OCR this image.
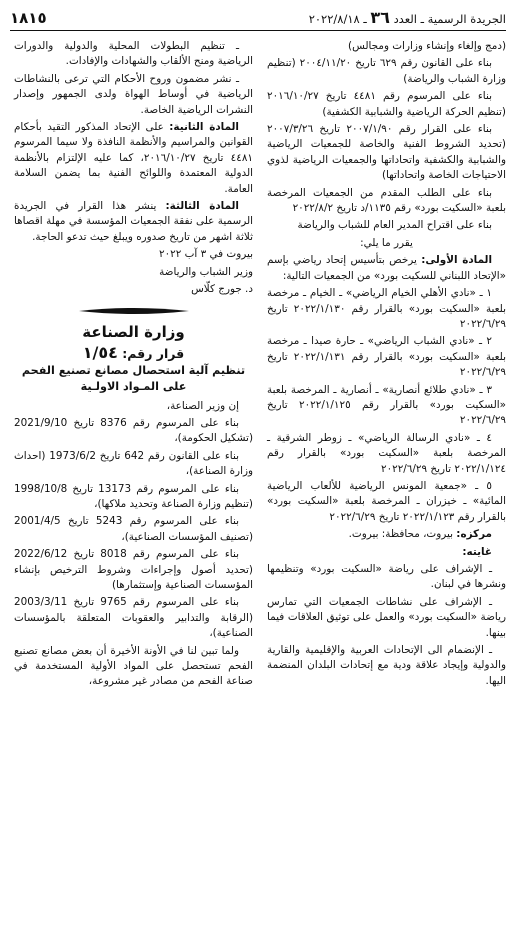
الجريدة الرسمية ـ العدد ٣٦ ـ ٢٠٢٢/٨/١٨
١٨١٥

(دمج وإلغاء وإنشاء وزارات ومجالس)

بناء على القانون رقم ٦٢٩ تاريخ ٢٠٠٤/١١/٢٠ (تنظيم وزارة الشباب والرياضة)

بناء على المرسوم رقم ٤٤٨١ تاريخ ٢٠١٦/١٠/٢٧ (تنظيم الحركة الرياضية والشبابية الكشفية)

بناء على القرار رقم ٢٠٠٧/١/٩٠ تاريخ ٢٠٠٧/٣/٢٦ (تحديد الشروط الفنية والخاصة للجمعيات الرياضية والشبابية والكشفية واتحاداتها والجمعيات الرياضية لذوي الاحتياجات الخاصة واتحاداتها)

بناء على الطلب المقدم من الجمعيات المرخصة بلعبة «السكيت بورد» رقم ١١٣٥/د تاريخ ٢٠٢٢/٨/٢

بناء على اقتراح المدير العام للشباب والرياضة

يقرر ما يلي:

المادة الأولى: يرخص بتأسيس إتحاد رياضي بإسم «الإتحاد اللبناني للسكيت بورد» من الجمعيات التالية:

١ ـ «نادي الأهلي الخيام الرياضي» ـ الخيام ـ مرخصة بلعبة «السكيت بورد» بالقرار رقم ٢٠٢٢/١/١٣٠ تاريخ ٢٠٢٢/٦/٢٩

٢ ـ «نادي الشباب الرياضي» ـ حارة صيدا ـ مرخصة بلعبة «السكيت بورد» بالقرار رقم ٢٠٢٢/١/١٣١ تاريخ ٢٠٢٢/٦/٢٩

٣ ـ «نادي طلائع أنصارية» ـ أنصارية ـ المرخصة بلعبة «السكيت بورد» بالقرار رقم ٢٠٢٢/١/١٢٥ تاريخ ٢٠٢٢/٦/٢٩

٤ ـ «نادي الرسالة الرياضي» ـ زوطر الشرقية ـ المرخصة بلعبة «السكيت بورد» بالقرار رقم ٢٠٢٢/١/١٢٤ تاريخ ٢٠٢٢/٦/٢٩

٥ ـ «جمعية المونس الرياضية للألعاب الرياضية المائية» ـ خيزران ـ المرخصة بلعبة «السكيت بورد» بالقرار رقم ٢٠٢٢/١/١٢٣ تاريخ ٢٠٢٢/٦/٢٩

مركزه: بيروت، محافظة: بيروت.

غايته:

ـ الإشراف على رياضة «السكيت بورد» وتنظيمها ونشرها في لبنان.

ـ الإشراف على نشاطات الجمعيات التي تمارس رياضة «السكيت بورد» والعمل على توثيق العلاقات فيما بينها.

ـ الإنضمام الى الإتحادات العربية والإقليمية والقارية والدولية وإيجاد علاقة ودية مع إتحادات البلدان المنضمة اليها.

ـ تنظيم البطولات المحلية والدولية والدورات الرياضية ومنح الألقاب والشهادات والإفادات.

ـ نشر مضمون وروح الأحكام التي ترعى بالنشاطات الرياضية في أوساط الهواة ولدى الجمهور وإصدار النشرات الرياضية الخاصة.

المادة الثانية: على الإتحاد المذكور التقيد بأحكام القوانين والمراسيم والأنظمة النافذة ولا سيما المرسوم ٤٤٨١ تاريخ ٢٠١٦/١٠/٢٧، كما عليه الإلتزام بالأنظمة الدولية المعتمدة واللوائح الفنية بما يضمن السلامة العامة.

المادة الثالثة: ينشر هذا القرار في الجريدة الرسمية على نفقة الجمعيات المؤسسة في مهلة اقصاها ثلاثة اشهر من تاريخ صدوره ويبلغ حيث تدعو الحاجة.

بيروت في ٣ آب ٢٠٢٢

وزير الشباب والرياضة

د. جورج كلّاس

وزارة الصناعة
قرار رقم: ١/٥٤
تنظيم آلية استحصال مصانع تصنيع الفحم
على المـواد الاولـية

إن وزير الصناعة،

بناء على المرسوم رقم 8376 تاريخ 2021/9/10 (تشكيل الحكومة)،

بناء على القانون رقم 642 تاريخ 1973/6/2 (احداث وزارة الصناعة)،

بناء على المرسوم رقم 13173 تاريخ 1998/10/8 (تنظيم وزارة الصناعة وتحديد ملاكها)،

بناء على المرسوم رقم 5243 تاريخ 2001/4/5 (تصنيف المؤسسات الصناعية)،

بناء على المرسوم رقم 8018 تاريخ 2022/6/12 (تحديد أصول وإجراءات وشروط الترخيص بإنشاء المؤسسات الصناعية وإستثمارها)

بناء على المرسوم رقم 9765 تاريخ 2003/3/11 (الرقابة والتدابير والعقوبات المتعلقة بالمؤسسات الصناعية)،

ولما تبين لنا في الأونة الأخيرة أن بعض مصانع تصنيع الفحم تستحصل على المواد الأولية المستخدمة في صناعة الفحم من مصادر غير مشروعة،
